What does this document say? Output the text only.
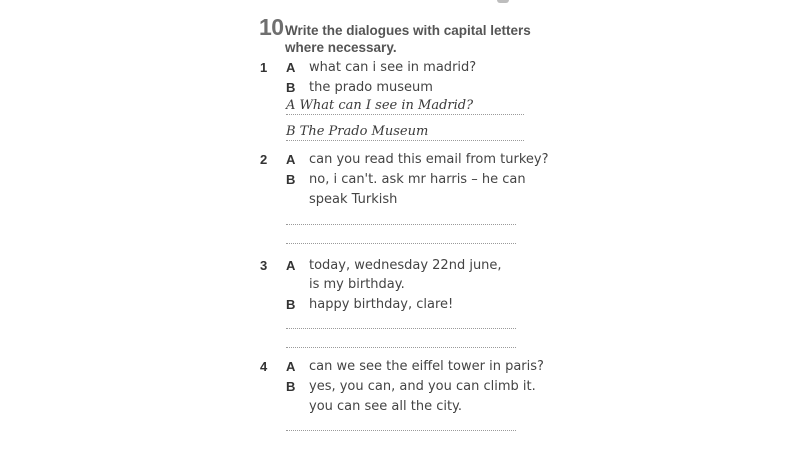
10 Write the dialogues with capital letters
where necessary.
1 A what can i see in madrid?
B the prado museum
A What can I see in Madrid?
B The Prado Museum
2 A can you read this email from turkey?
B no, i can't. ask mr harris – he can
speak Turkish
3 A today, wednesday 22nd june,
is my birthday.
B happy birthday, clare!
4 A can we see the eiffel tower in paris?
B yes, you can, and you can climb it.
you can see all the city.
